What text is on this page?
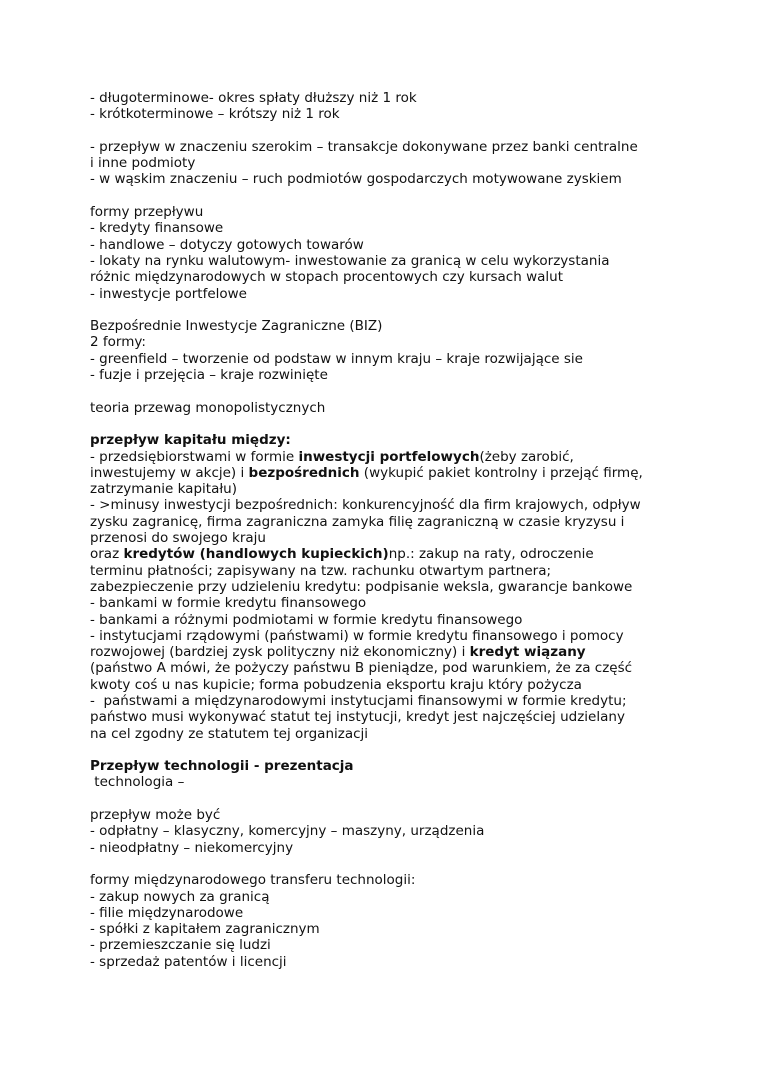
- długoterminowe- okres spłaty dłuższy niż 1 rok
- krótkoterminowe – krótszy niż 1 rok
- przepływ w znaczeniu szerokim – transakcje dokonywane przez banki centralne
i inne podmioty
- w wąskim znaczeniu – ruch podmiotów gospodarczych motywowane zyskiem
formy przepływu
- kredyty finansowe
- handlowe – dotyczy gotowych towarów
- lokaty na rynku walutowym- inwestowanie za granicą w celu wykorzystania
różnic międzynarodowych w stopach procentowych czy kursach walut
- inwestycje portfelowe
Bezpośrednie Inwestycje Zagraniczne (BIZ)
2 formy:
- greenfield – tworzenie od podstaw w innym kraju – kraje rozwijające sie
- fuzje i przejęcia – kraje rozwinięte
teoria przewag monopolistycznych
przepływ kapitału między:
- przedsiębiorstwami w formie inwestycji portfelowych(żeby zarobić,
inwestujemy w akcje) i bezpośrednich (wykupić pakiet kontrolny i przejąć firmę,
zatrzymanie kapitału)
- >minusy inwestycji bezpośrednich: konkurencyjność dla firm krajowych, odpływ
zysku zagranicę, firma zagraniczna zamyka filię zagraniczną w czasie kryzysu i
przenosi do swojego kraju
oraz kredytów (handlowych kupieckich)np.: zakup na raty, odroczenie
terminu płatności; zapisywany na tzw. rachunku otwartym partnera;
zabezpieczenie przy udzieleniu kredytu: podpisanie weksla, gwarancje bankowe
- bankami w formie kredytu finansowego
- bankami a różnymi podmiotami w formie kredytu finansowego
- instytucjami rządowymi (państwami) w formie kredytu finansowego i pomocy
rozwojowej (bardziej zysk polityczny niż ekonomiczny) i kredyt wiązany
(państwo A mówi, że pożyczy państwu B pieniądze, pod warunkiem, że za część
kwoty coś u nas kupicie; forma pobudzenia eksportu kraju który pożycza
-  państwami a międzynarodowymi instytucjami finansowymi w formie kredytu;
państwo musi wykonywać statut tej instytucji, kredyt jest najczęściej udzielany
na cel zgodny ze statutem tej organizacji
Przepływ technologii - prezentacja
technologia –
przepływ może być
- odpłatny – klasyczny, komercyjny – maszyny, urządzenia
- nieodpłatny – niekomercyjny
formy międzynarodowego transferu technologii:
- zakup nowych za granicą
- filie międzynarodowe
- spółki z kapitałem zagranicznym
- przemieszczanie się ludzi
- sprzedaż patentów i licencji
